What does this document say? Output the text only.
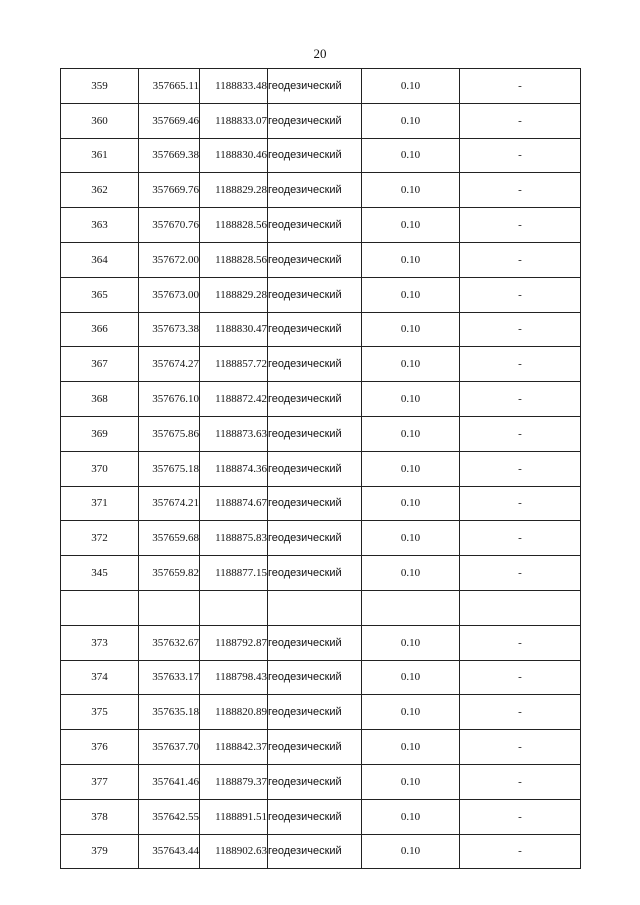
20
359	357665.11	1188833.48	геодезический	0.10	-
360	357669.46	1188833.07	геодезический	0.10	-
361	357669.38	1188830.46	геодезический	0.10	-
362	357669.76	1188829.28	геодезический	0.10	-
363	357670.76	1188828.56	геодезический	0.10	-
364	357672.00	1188828.56	геодезический	0.10	-
365	357673.00	1188829.28	геодезический	0.10	-
366	357673.38	1188830.47	геодезический	0.10	-
367	357674.27	1188857.72	геодезический	0.10	-
368	357676.10	1188872.42	геодезический	0.10	-
369	357675.86	1188873.63	геодезический	0.10	-
370	357675.18	1188874.36	геодезический	0.10	-
371	357674.21	1188874.67	геодезический	0.10	-
372	357659.68	1188875.83	геодезический	0.10	-
345	357659.82	1188877.15	геодезический	0.10	-

373	357632.67	1188792.87	геодезический	0.10	-
374	357633.17	1188798.43	геодезический	0.10	-
375	357635.18	1188820.89	геодезический	0.10	-
376	357637.70	1188842.37	геодезический	0.10	-
377	357641.46	1188879.37	геодезический	0.10	-
378	357642.55	1188891.51	геодезический	0.10	-
379	357643.44	1188902.63	геодезический	0.10	-
